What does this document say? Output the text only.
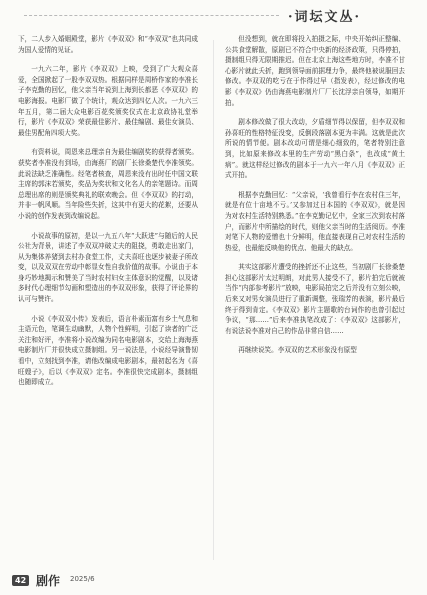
·词坛文丛·

下，二人步入婚姻殿堂，影片《李双双》和“李双双”也共同成为国人爱情的见证。

一九六二年，影片《李双双》上映，受到了广大观众喜爱，全国掀起了一股李双双热。根据同样是周桥作家的李准长子李克勤的回忆，他父亲当年说到上海到长都恶《李双双》的电影海报。电影厂做了个统计，观众达到四亿人次。一九六三年五月，第二届大众电影百花奖颁奖仪式在北京政协礼堂举行，影片《李双双》荣获最佳影片、最佳编剧、最佳女演员、最佳男配角四项大奖。

有资料说，周恩来总理亲自为最佳编剧奖的获得者颁奖。获奖者李准没有到场，由海燕厂的剧厂长徐桑楚代李准领奖。此说法缺乏准确性。经笔者核查，周恩来没有出时任中国文联主席的郭沫若颁奖，奖品为奖状和文化名人的亲笔题诗。而周总理出席的则是颁奖典礼的联欢晚会。但《李双双》的打动，并非一帆风顺。当年险些失折，这其中有更大的花絮，还要从小说的创作发表到改编说起。

小说故事的原初，是以一九五八年“大跃进”与随后的人民公社为背景，讲述了李双双冲破丈夫的阻挠，勇敢走出家门，从为集体养猪到去村办食堂工作，丈夫喜旺也逐步被妻子所改变，以及双双在劳动中彰显女性自我价值的故事。小说由于本身巧妙地揭示和赞美了当时农村妇女主体意识的觉醒，以及诸多时代心理细节勾画和塑造出的李双双形象，获得了评论界的认可与赞许。

小说《李双双小传》发表后，语言朴素而富有乡土气息和主语元色，笔调生动幽默，人物个性鲜明，引起了读者的广泛关注和好评，李准将小说改编为同名电影剧本，交给上海海燕电影制片厂并很快成立摄制组。另一说法是，小说经导演鲁韧看中，立刻找到李准，请他改编成电影剧本，最初起名为《喜旺嫂子》，后以《李双双》定名。李准很快完成剧本，摄制组也随即成立。

但没想到，就在即将投入拍摄之际，中央开始纠正整编、公共食堂解散，原剧已不符合中央新的经济政策，只得停拍，摄制组只得无限期推迟。但在北京上海这些地方时，李准不甘心影片就此夭折，跑到领导面前据理力争，最终他被说服回去修改。李双双的吃亏在于作得过早（指发表），经过修改的电影《李双双》仍由海燕电影制片厂厂长沈浮亲自领导，如期开拍。

剧本修改做了很大改动，夕盾细节得以保留，但李双双和孙喜旺的性格特征没变，反倒段落剧本更为丰满。这就是此次所说的情节便。剧本改动可谓是细心细致的，笔者特别注意到，比如原来修改本里的生产劳动“黑白条”，也改成“黄土病”。就这样经过修改的剧本于一九六一年八月《李双双》正式开拍。

根据李克勤回忆：“父亲说，‘我曾看行李在农村住三年，就是有位十亩地不亏。’又参加过日本国的《李双双》，就是因为对农村生活特别熟悉。”在李克勤记忆中，全家三次到农村落户，而影片中所描绘的时代，则他父亲当时的生活阅历。李准对笔下人物的爱憎也十分鲜明，他直接表现自己对农村生活的热爱，也最能反映他的优点、他最大的缺点。

其实这部影片遭受的挫折还不止这些，当初剧厂长徐桑楚担心这部影片太过明朗，对此男人接受不了，影片拍完后就被当作“内部参考影片”放映，电影局拍完之后并没有立刻公映，后来又对男女演员进行了重新调整，张瑞芳的表演，影片最后终于得到肯定。《李双双》影片主题歌的台词作的也曾引起过争议，“那……”后来李准执笔改成了：《李双双》这部影片，有说法说李准对自己的作品非常自信……

再继续说笑。李双双的艺术形象没有原型

42 剧作 2025/6
